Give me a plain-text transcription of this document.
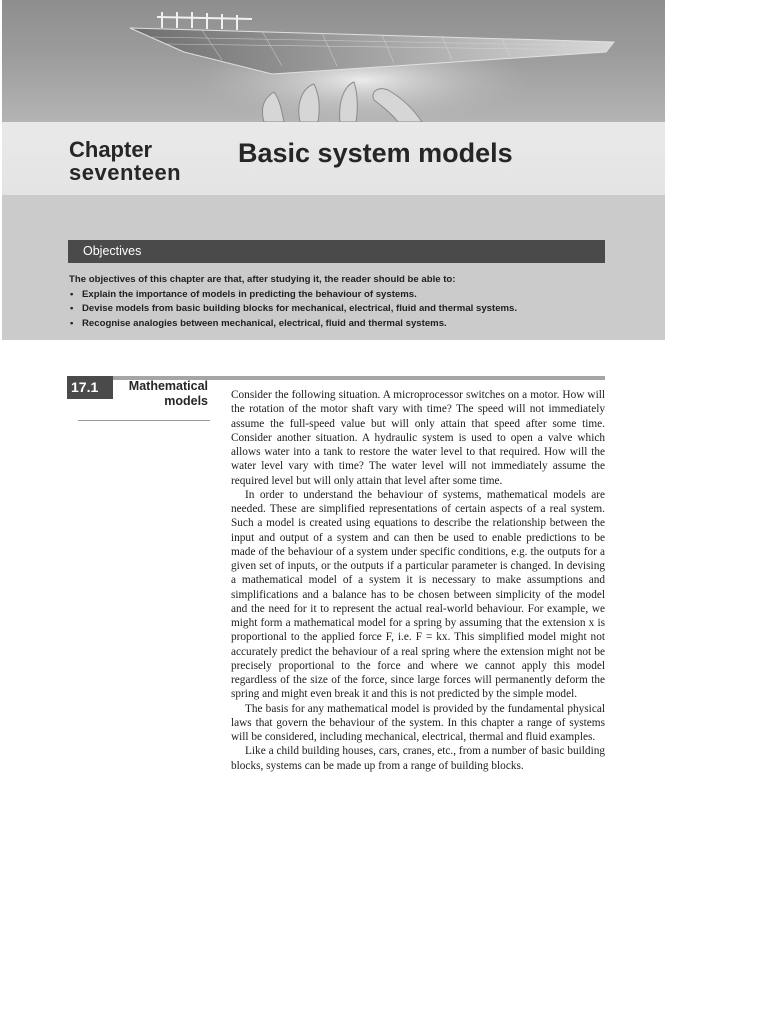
Chapter
seventeen
Basic system models
Objectives
The objectives of this chapter are that, after studying it, the reader should be able to:
• Explain the importance of models in predicting the behaviour of systems.
• Devise models from basic building blocks for mechanical, electrical, fluid and thermal systems.
• Recognise analogies between mechanical, electrical, fluid and thermal systems.
17.1	Mathematical
models Consider the following situation. A microprocessor switches on a motor. How will the rotation of the motor shaft vary with time? The speed will not immediately assume the full-speed value but will only attain that speed after some time. Consider another situation. A hydraulic system is used to open a valve which allows water into a tank to restore the water level to that required. How will the water level vary with time? The water level will not immediately assume the required level but will only attain that level after some time.

In order to understand the behaviour of systems, mathematical models are needed. These are simplified representations of certain aspects of a real system. Such a model is created using equations to describe the relationship between the input and output of a system and can then be used to enable predictions to be made of the behaviour of a system under specific conditions, e.g. the outputs for a given set of inputs, or the outputs if a particular parameter is changed. In devising a mathematical model of a system it is necessary to make assumptions and simplifications and a balance has to be chosen between simplicity of the model and the need for it to represent the actual real-world behaviour. For example, we might form a mathematical model for a spring by assuming that the extension x is proportional to the applied force F, i.e. F = kx. This simplified model might not accurately predict the behaviour of a real spring where the extension might not be precisely proportional to the force and where we cannot apply this model regardless of the size of the force, since large forces will permanently deform the spring and might even break it and this is not predicted by the simple model.

The basis for any mathematical model is provided by the fundamental physical laws that govern the behaviour of the system. In this chapter a range of systems will be considered, including mechanical, electrical, thermal and fluid examples.

Like a child building houses, cars, cranes, etc., from a number of basic building blocks, systems can be made up from a range of building blocks.
